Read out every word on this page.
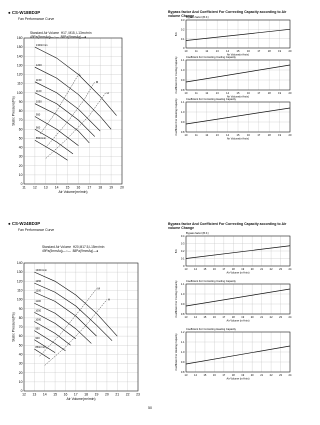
● CS-W18BD3P
Fan Performance Curve
Bypass factor And Coefficient For Correcting Capacity according to Air volume Change
Standard Air Volume H17, M15, L13m³/min
49Pa(5mmAq)—○— 88Pa(9mmAq)—●
● CS-W24BD3P
Fan Performance Curve
Bypass factor And Coefficient For Correcting Capacity according to Air volume Change
Standard Air Volume H20,M17.5,L15m³/min
49Pa(5mmAq)—○— 88Pa(9mmAq)—●
0
10
20
30
40
50
60
70
80
90
100
110
120
130
140
150
160
11 12 13 14 15 16 17 18 19 20
Air Volume(m³/min)
Static Pressure(Pa)
1300r/min
1200
1150
1100
1050
950
900
850r/min
H
M
L
0
0.1
0.2
0.3
10	11	12	13	14	15	16	17	18	19	20
Air Volume(m³/min)
B.F.
Bypass factor (B.F.)
0.8
0.9
1.0
1.1
10	11	12	13	14	15	16	17	18	19	20
Air Volume(m³/min)
Coefficient For Cooling Capacity	Coefficient For Correcting Cooling Capacity
0.8
0.9
1.0
1.1
10	11	12	13	14	15	16	17	18	19	20
Air Volume(m³/min)
Coefficient For Heating Capacity	Coefficient For Correcting Heating Capacity
0
10
20
30
40
50
60
70
80
90
100
110
120
130
140
12 13 14 15 16 17 18 19 20 21 22 23
Air Volume(m³/min)
Static Pressure(Pa)
1300r/min
1250
1200
1100
1050
1000
950
900
850r/min
H
M
0
0.1
0.2
0.3
0.4
13	14	15	16	17	18	19	20	21	22	23	24
Air Volume (m³/min)
B.F.
Bypass factor (B.F.)
0.8
0.9
1.0
1.1
13	14	15	16	17	18	19	20	21	22	23	24
Air Volume (m³/min)
Coefficient For Cooling Capacity	Coefficient For Correcting Cooling Capacity
0.8
0.9
1.0
1.1
1.2
13	14	15	16	17	18	19	20	21	22	23	24
Air Volume (m³/min)
Coefficient For Heating Capacity
Coefficient For Correcting Heating Capacity
50
